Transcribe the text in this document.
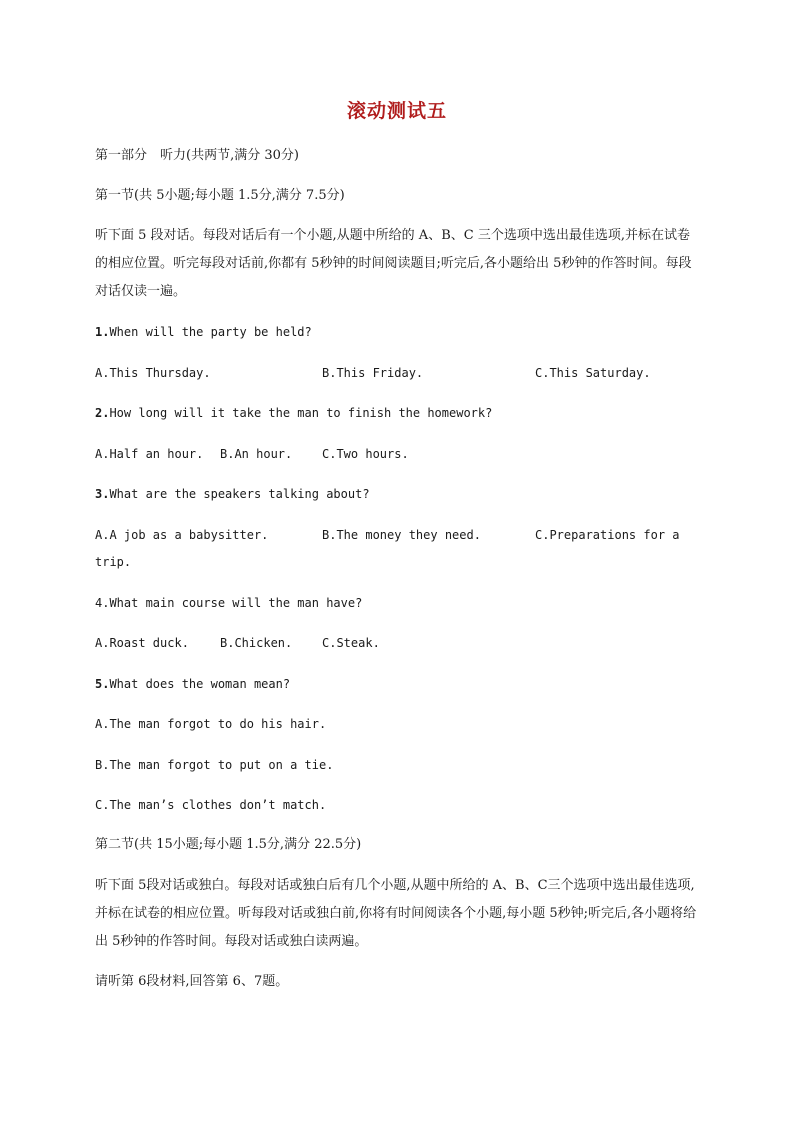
滚动测试五
第一部分　听力(共两节,满分 30分)
第一节(共 5小题;每小题 1.5分,满分 7.5分)
听下面 5 段对话。每段对话后有一个小题,从题中所给的 A、B、C 三个选项中选出最佳选项,并标在试卷的相应位置。听完每段对话前,你都有 5秒钟的时间阅读题目;听完后,各小题给出 5秒钟的作答时间。每段对话仅读一遍。
1.When will the party be held?
A.This Thursday.	B.This Friday.	C.This Saturday.
2.How long will it take the man to finish the homework?
A.Half an hour. B.An hour. C.Two hours.
3.What are the speakers talking about?
A.A job as a babysitter.	B.The money they need.	C.Preparations for a
trip.
4.What main course will the man have?
A.Roast duck.	B.Chicken. C.Steak.
5.What does the woman mean?
A.The man forgot to do his hair.
B.The man forgot to put on a tie.
C.The man’s clothes don’t match.
第二节(共 15小题;每小题 1.5分,满分 22.5分)
听下面 5段对话或独白。每段对话或独白后有几个小题,从题中所给的 A、B、C三个选项中选出最佳选项,并标在试卷的相应位置。听每段对话或独白前,你将有时间阅读各个小题,每小题 5秒钟;听完后,各小题将给出 5秒钟的作答时间。每段对话或独白读两遍。
请听第 6段材料,回答第 6、7题。
